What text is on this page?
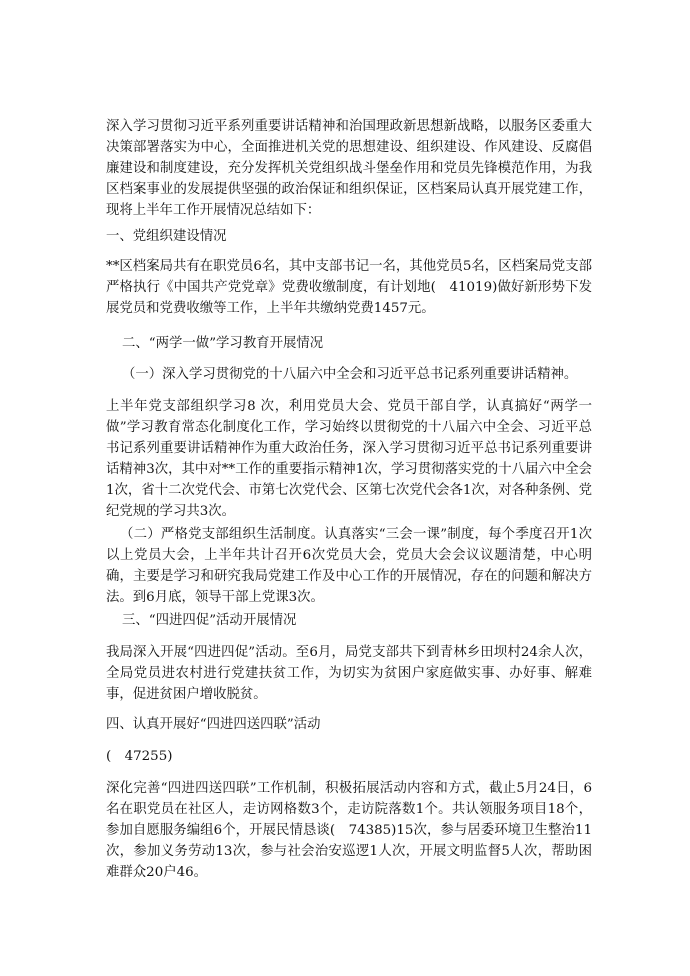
深入学习贯彻习近平系列重要讲话精神和治国理政新思想新战略，以服务区委重大决策部署落实为中心，全面推进机关党的思想建设、组织建设、作风建设、反腐倡廉建设和制度建设，充分发挥机关党组织战斗堡垒作用和党员先锋模范作用，为我区档案事业的发展提供坚强的政治保证和组织保证，区档案局认真开展党建工作，现将上半年工作开展情况总结如下：

一、党组织建设情况

**区档案局共有在职党员6名，其中支部书记一名，其他党员5名，区档案局党支部严格执行《中国共产党党章》党费收缴制度，有计划地(　41019)做好新形势下发展党员和党费收缴等工作，上半年共缴纳党费1457元。

二、“两学一做”学习教育开展情况

（一）深入学习贯彻党的十八届六中全会和习近平总书记系列重要讲话精神。

上半年党支部组织学习8 次，利用党员大会、党员干部自学，认真搞好“两学一做”学习教育常态化制度化工作，学习始终以贯彻党的十八届六中全会、习近平总书记系列重要讲话精神作为重大政治任务，深入学习贯彻习近平总书记系列重要讲话精神3次，其中对**工作的重要指示精神1次，学习贯彻落实党的十八届六中全会1次，省十二次党代会、市第七次党代会、区第七次党代会各1次，对各种条例、党纪党规的学习共3次。

（二）严格党支部组织生活制度。认真落实“三会一课”制度，每个季度召开1次以上党员大会，上半年共计召开6次党员大会，党员大会会议议题清楚，中心明确，主要是学习和研究我局党建工作及中心工作的开展情况，存在的问题和解决方法。到6月底，领导干部上党课3次。

三、“四进四促”活动开展情况

我局深入开展“四进四促”活动。至6月，局党支部共下到青林乡田坝村24余人次，全局党员进农村进行党建扶贫工作，为切实为贫困户家庭做实事、办好事、解难事，促进贫困户增收脱贫。

四、认真开展好“四进四送四联”活动

(　47255)

深化完善“四进四送四联”工作机制，积极拓展活动内容和方式，截止5月24日，6名在职党员在社区人，走访网格数3个，走访院落数1个。共认领服务项目18个，参加自愿服务编组6个，开展民情恳谈(　74385)15次，参与居委环境卫生整治11次，参加义务劳动13次，参与社会治安巡逻1人次，开展文明监督5人次，帮助困难群众20户46。
